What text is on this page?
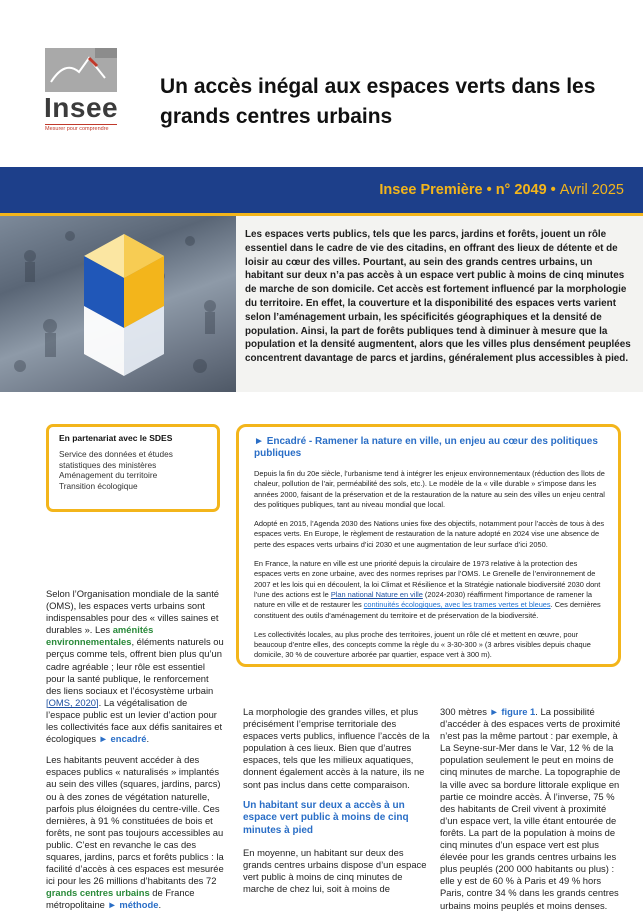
Insee
Mesurer pour comprendre
Un accès inégal aux espaces verts dans les grands centres urbains
Insee Première • n° 2049 • Avril 2025
Les espaces verts publics, tels que les parcs, jardins et forêts, jouent un rôle essentiel dans le cadre de vie des citadins, en offrant des lieux de détente et de loisir au cœur des villes. Pourtant, au sein des grands centres urbains, un habitant sur deux n’a pas accès à un espace vert public à moins de cinq minutes de marche de son domicile. Cet accès est fortement influencé par la morphologie du territoire. En effet, la couverture et la disponibilité des espaces verts varient selon l’aménagement urbain, les spécificités géographiques et la densité de population. Ainsi, la part de forêts publiques tend à diminuer à mesure que la population et la densité augmentent, alors que les villes plus densément peuplées concentrent davantage de parcs et jardins, généralement plus accessibles à pied.
En partenariat avec le SDES

Service des données et études
statistiques des ministères
Aménagement du territoire
Transition écologique

► Encadré - Ramener la nature en ville, un enjeu au cœur des politiques publiques

Depuis la fin du 20e siècle, l’urbanisme tend à intégrer les enjeux environnementaux (réduction des îlots de chaleur, pollution de l’air, perméabilité des sols, etc.). Le modèle de la « ville durable » s’impose dans les années 2000, faisant de la préservation et de la restauration de la nature au sein des villes un enjeu central des politiques publiques, tant au niveau mondial que local.

Adopté en 2015, l’Agenda 2030 des Nations unies fixe des objectifs, notamment pour l’accès de tous à des espaces verts. En Europe, le règlement de restauration de la nature adopté en 2024 vise une absence de perte des espaces verts urbains d’ici 2030 et une augmentation de leur surface d’ici 2050.

En France, la nature en ville est une priorité depuis la circulaire de 1973 relative à la protection des espaces verts en zone urbaine, avec des normes reprises par l’OMS. Le Grenelle de l’environnement de 2007 et les lois qui en découlent, la loi Climat et Résilience et la Stratégie nationale biodiversité 2030 dont l’une des actions est le Plan national Nature en ville (2024-2030) réaffirment l’importance de ramener la nature en ville et de restaurer les continuités écologiques, avec les trames vertes et bleues. Ces dernières constituent des outils d’aménagement du territoire et de préservation de la biodiversité.

Les collectivités locales, au plus proche des territoires, jouent un rôle clé et mettent en œuvre, pour beaucoup d’entre elles, des concepts comme la règle du « 3-30-300 » (3 arbres visibles depuis chaque domicile, 30 % de couverture arborée par quartier, espace vert à 300 m).

Selon l’Organisation mondiale de la santé (OMS), les espaces verts urbains sont indispensables pour des « villes saines et durables ». Les aménités environnementales, éléments naturels ou perçus comme tels, offrent bien plus qu’un cadre agréable ; leur rôle est essentiel pour la santé publique, le renforcement des liens sociaux et l’écosystème urbain [OMS, 2020]. La végétalisation de l’espace public est un levier d’action pour les collectivités face aux défis sanitaires et écologiques ► encadré.

Les habitants peuvent accéder à des espaces publics « naturalisés » implantés au sein des villes (squares, jardins, parcs) ou à des zones de végétation naturelle, parfois plus éloignées du centre-ville. Ces dernières, à 91 % constituées de bois et forêts, ne sont pas toujours accessibles au public. C’est en revanche le cas des squares, jardins, parcs et forêts publics : la facilité d’accès à ces espaces est mesurée ici pour les 26 millions d’habitants des 72 grands centres urbains de France métropolitaine ► méthode.

La morphologie des grandes villes, et plus précisément l’emprise territoriale des espaces verts publics, influence l’accès de la population à ces lieux. Bien que d’autres espaces, tels que les milieux aquatiques, donnent également accès à la nature, ils ne sont pas inclus dans cette comparaison.

Un habitant sur deux a accès à un espace vert public à moins de cinq minutes à pied

En moyenne, un habitant sur deux des grands centres urbains dispose d’un espace vert public à moins de cinq minutes de marche de chez lui, soit à moins de

300 mètres ► figure 1. La possibilité d’accéder à des espaces verts de proximité n’est pas la même partout : par exemple, à La Seyne-sur-Mer dans le Var, 12 % de la population seulement le peut en moins de cinq minutes de marche. La topographie de la ville avec sa bordure littorale explique en partie ce moindre accès. À l’inverse, 75 % des habitants de Creil vivent à proximité d’un espace vert, la ville étant entourée de forêts. La part de la population à moins de cinq minutes d’un espace vert est plus élevée pour les grands centres urbains les plus peuplés (200 000 habitants ou plus) : elle y est de 60 % à Paris et 49 % hors Paris, contre 34 % dans les grands centres urbains moins peuplés et moins denses.
